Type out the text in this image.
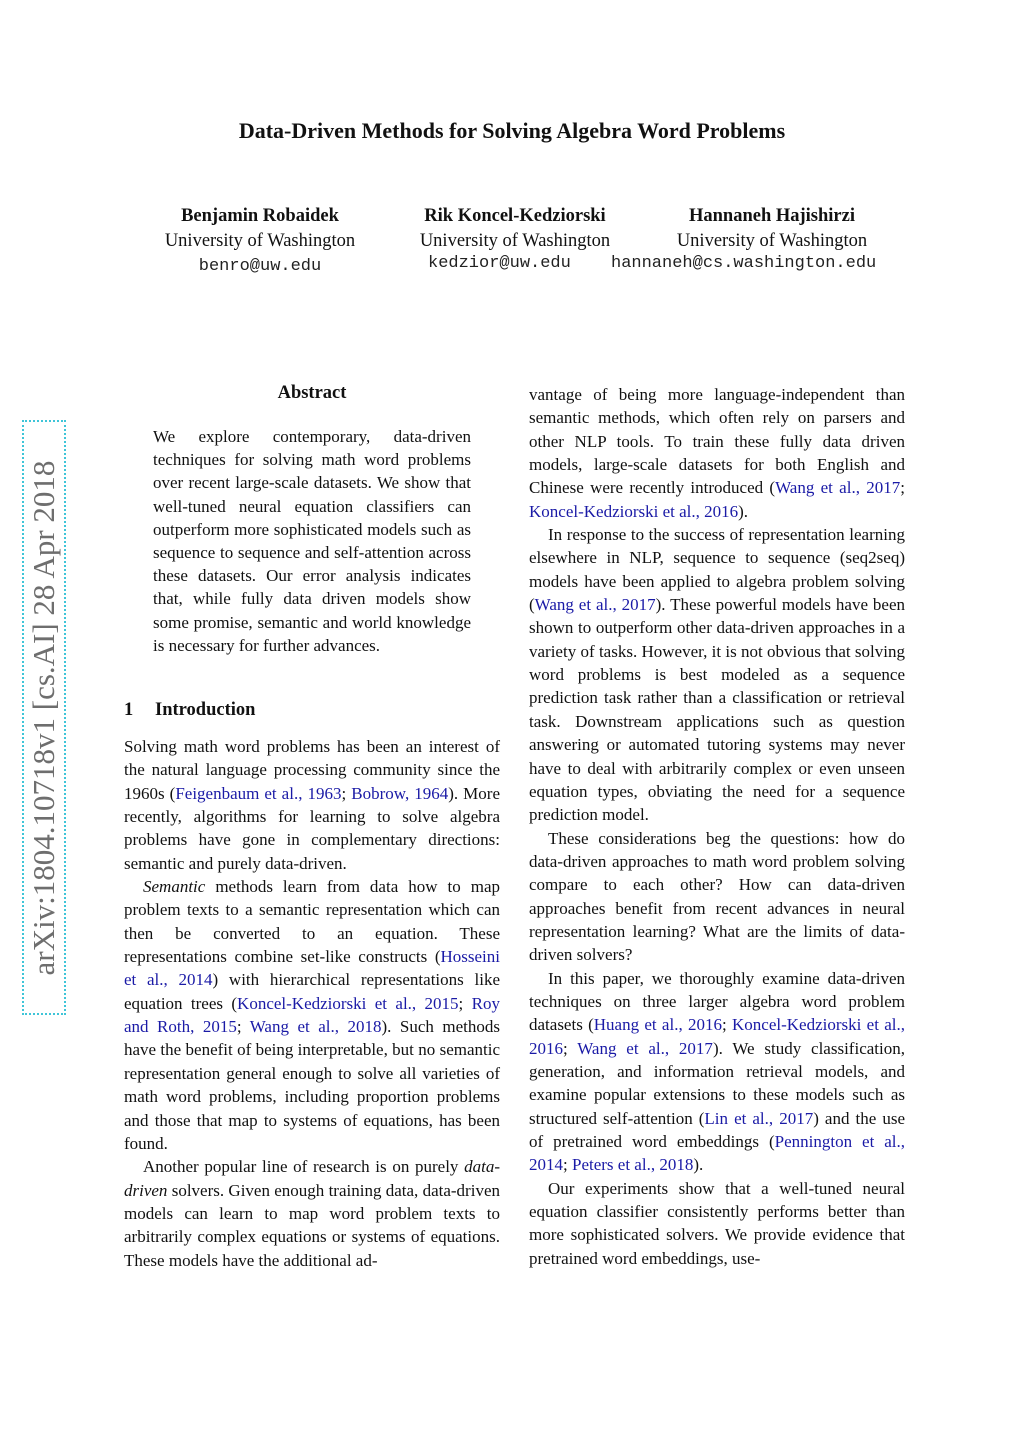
Data-Driven Methods for Solving Algebra Word Problems
Benjamin Robaidek
University of Washington
benro@uw.edu
Rik Koncel-Kedziorski
University of Washington
Hannaneh Hajishirzi
University of Washington
kedzior@uw.edu	hannaneh@cs.washington.edu
arXiv:1804.10718v1 [cs.AI] 28 Apr 2018
Abstract

We explore contemporary, data-driven techniques for solving math word problems over recent large-scale datasets. We show that well-tuned neural equation classifiers can outperform more sophisticated models such as sequence to sequence and self-attention across these datasets. Our error analysis indicates that, while fully data driven models show some promise, semantic and world knowledge is necessary for further advances.

1 Introduction

Solving math word problems has been an interest of the natural language processing community since the 1960s (Feigenbaum et al., 1963; Bobrow, 1964). More recently, algorithms for learning to solve algebra problems have gone in complementary directions: semantic and purely data-driven.

Semantic methods learn from data how to map problem texts to a semantic representation which can then be converted to an equation. These representations combine set-like constructs (Hosseini et al., 2014) with hierarchical representations like equation trees (Koncel-Kedziorski et al., 2015; Roy and Roth, 2015; Wang et al., 2018). Such methods have the benefit of being interpretable, but no semantic representation general enough to solve all varieties of math word problems, including proportion problems and those that map to systems of equations, has been found.

Another popular line of research is on purely data-driven solvers. Given enough training data, data-driven models can learn to map word problem texts to arbitrarily complex equations or systems of equations. These models have the additional ad-

vantage of being more language-independent than semantic methods, which often rely on parsers and other NLP tools. To train these fully data driven models, large-scale datasets for both English and Chinese were recently introduced (Wang et al., 2017; Koncel-Kedziorski et al., 2016).

In response to the success of representation learning elsewhere in NLP, sequence to sequence (seq2seq) models have been applied to algebra problem solving (Wang et al., 2017). These powerful models have been shown to outperform other data-driven approaches in a variety of tasks. However, it is not obvious that solving word problems is best modeled as a sequence prediction task rather than a classification or retrieval task. Downstream applications such as question answering or automated tutoring systems may never have to deal with arbitrarily complex or even unseen equation types, obviating the need for a sequence prediction model.

These considerations beg the questions: how do data-driven approaches to math word problem solving compare to each other? How can data-driven approaches benefit from recent advances in neural representation learning? What are the limits of data-driven solvers?

In this paper, we thoroughly examine data-driven techniques on three larger algebra word problem datasets (Huang et al., 2016; Koncel-Kedziorski et al., 2016; Wang et al., 2017). We study classification, generation, and information retrieval models, and examine popular extensions to these models such as structured self-attention (Lin et al., 2017) and the use of pretrained word embeddings (Pennington et al., 2014; Peters et al., 2018).

Our experiments show that a well-tuned neural equation classifier consistently performs better than more sophisticated solvers. We provide evidence that pretrained word embeddings, use-
